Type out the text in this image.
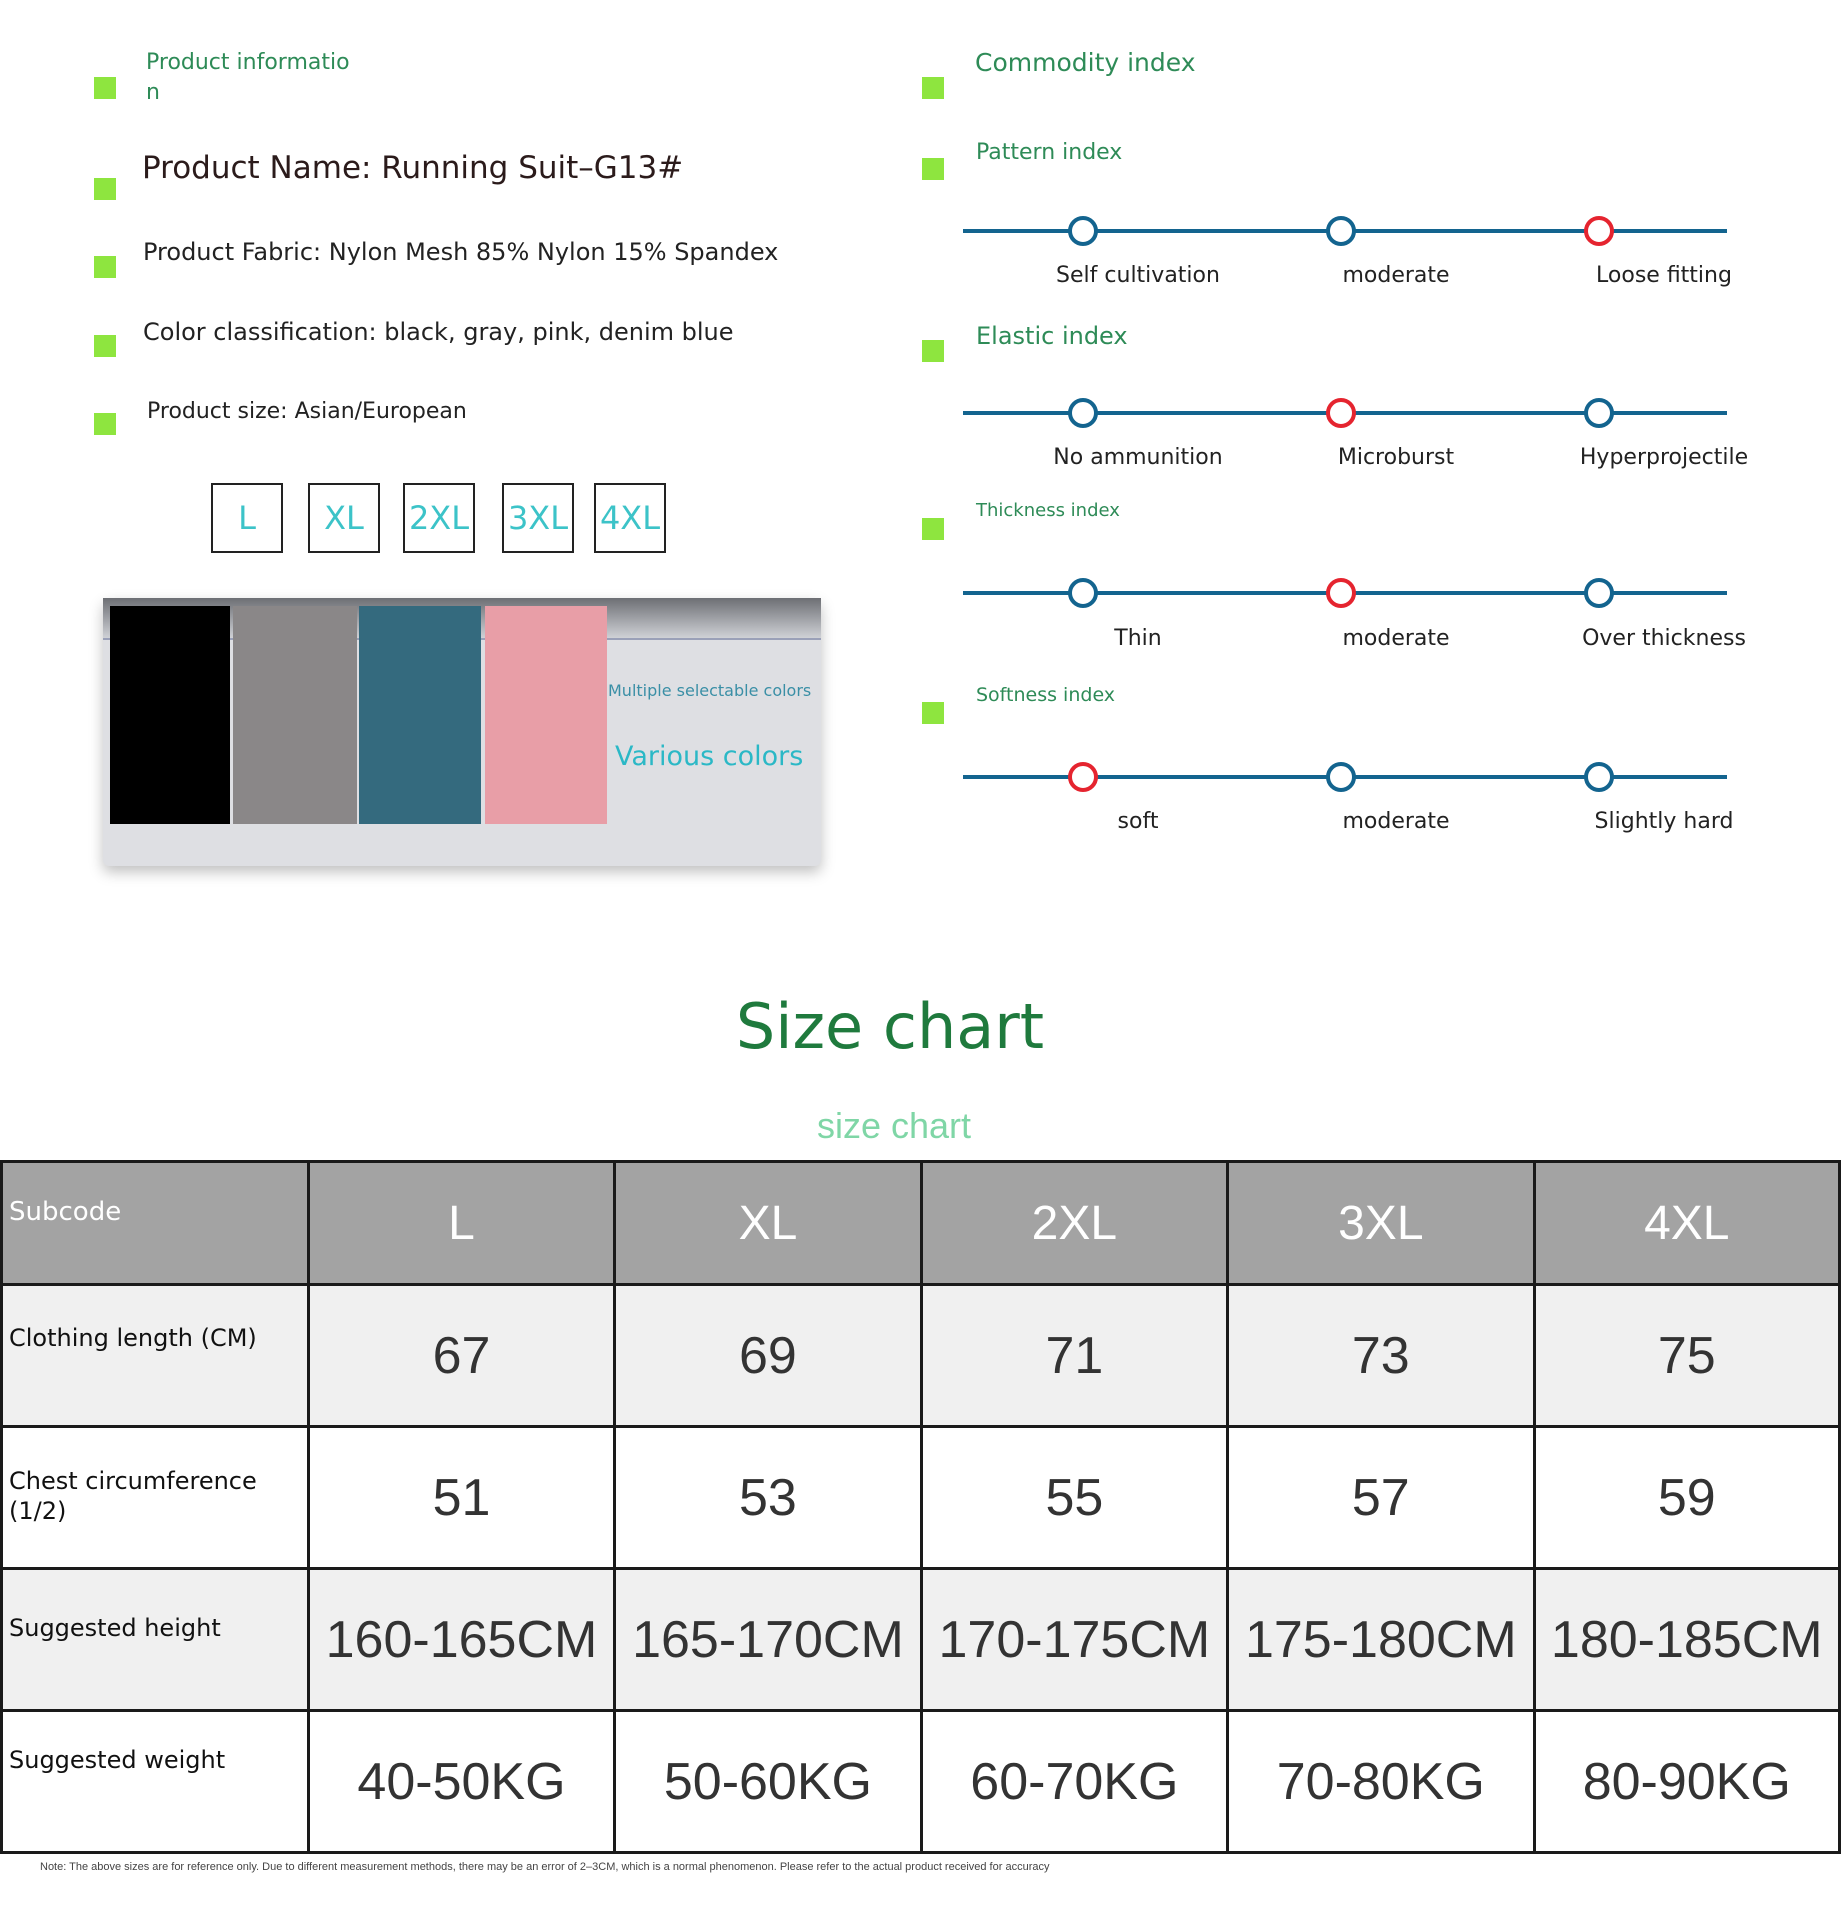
Product informatio
n
Product Name: Running Suit–G13#
Product Fabric: Nylon Mesh 85% Nylon 15% Spandex
Color classification: black, gray, pink, denim blue
Product size: Asian/European
L	XL	2XL 3XL 4XL
Multiple selectable colors
Various colors
Commodity index
Pattern index
Self cultivation	moderate	Loose fitting
Elastic index
No ammunition	Microburst	Hyperprojectile
Thickness index
Thin	moderate	Over thickness
Softness index
soft	moderate	Slightly hard
Size chart
size chart
Subcode	L	XL	2XL	3XL	4XL
Clothing length (CM)	67	69	71	73	75
Chest circumference
(1/2)	51	53	55	57	59
Suggested height	160-165CM	165-170CM	170-175CM	175-180CM	180-185CM
Suggested weight	40-50KG	50-60KG	60-70KG	70-80KG	80-90KG
Note: The above sizes are for reference only. Due to different measurement methods, there may be an error of 2–3CM, which is a normal phenomenon. Please refer to the actual product received for accuracy
